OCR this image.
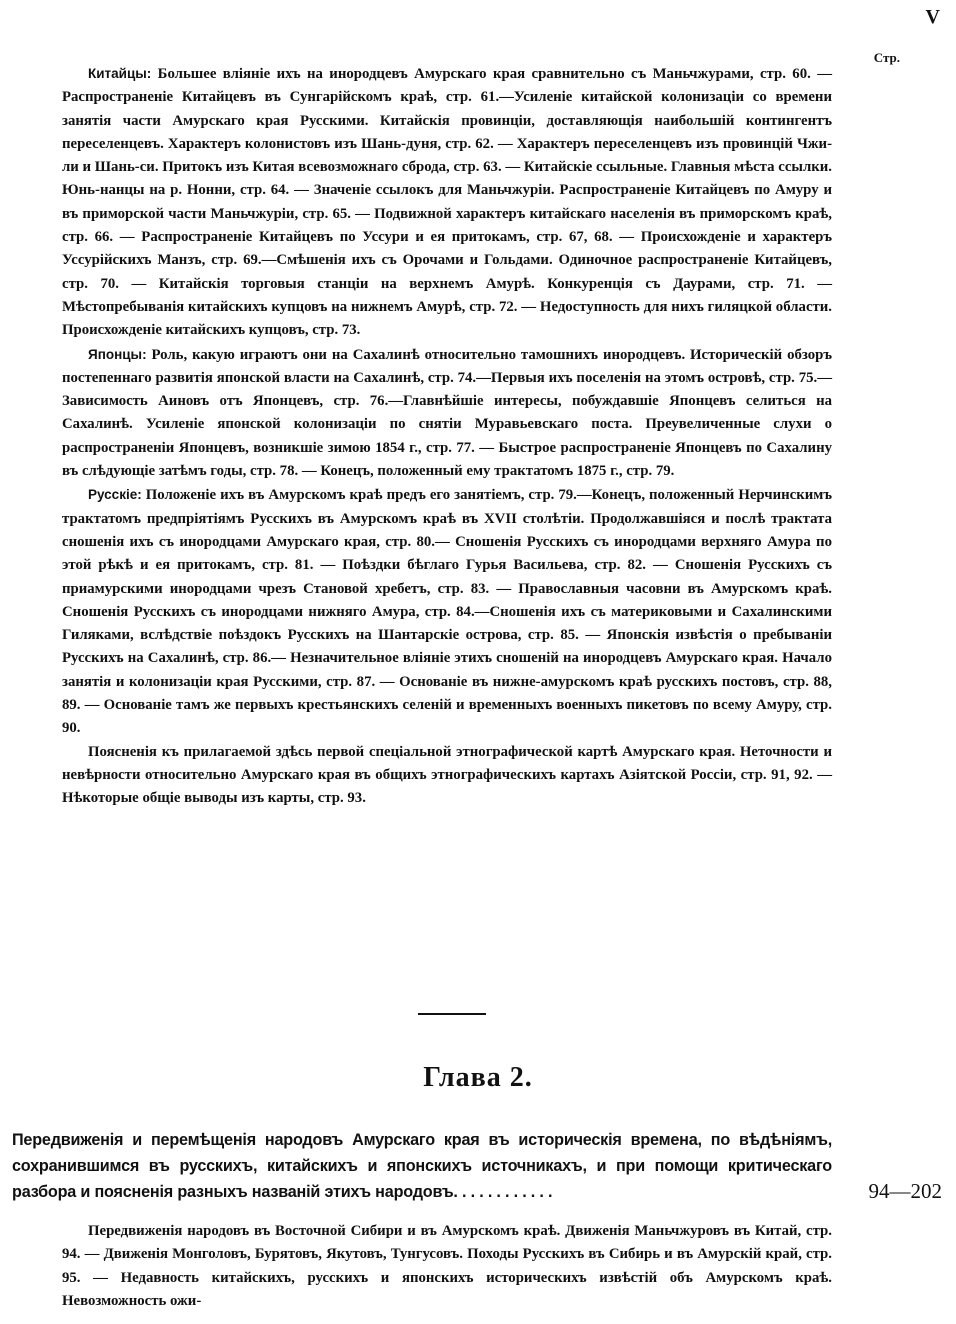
V
Стр.

Китайцы: Большее вліяніе ихъ на инородцевъ Амурскаго края сравнительно съ Маньчжурами, стр. 60. — Распространеніе Китайцевъ въ Сунгарійскомъ краѣ, стр. 61.—Усиленіе китайской колонизаціи со времени занятія части Амурскаго края Русскими. Китайскія провинціи, доставляющія наибольшій контингентъ переселенцевъ. Характеръ колонистовъ изъ Шань-дуня, стр. 62. — Характеръ переселенцевъ изъ провинцій Чжи-ли и Шань-си. Притокъ изъ Китая всевозможнаго сброда, стр. 63. — Китайскіе ссыльные. Главныя мѣста ссылки. Юнь-нанцы на р. Нонни, стр. 64. — Значеніе ссылокъ для Маньчжуріи. Распространеніе Китайцевъ по Амуру и въ приморской части Маньчжуріи, стр. 65. — Подвижной характеръ китайскаго населенія въ приморскомъ краѣ, стр. 66. — Распространеніе Китайцевъ по Уссури и ея притокамъ, стр. 67, 68. — Происхожденіе и характеръ Уссурійскихъ Манзъ, стр. 69.—Смѣшенія ихъ съ Орочами и Гольдами. Одиночное распространеніе Китайцевъ, стр. 70. — Китайскія торговыя станціи на верхнемъ Амурѣ. Конкуренція съ Даурами, стр. 71. — Мѣстопребыванія китайскихъ купцовъ на нижнемъ Амурѣ, стр. 72. — Недоступность для нихъ гиляцкой области. Происхожденіе китайскихъ купцовъ, стр. 73.

Японцы: Роль, какую играютъ они на Сахалинѣ относительно тамошнихъ инородцевъ. Историческій обзоръ постепеннаго развитія японской власти на Сахалинѣ, стр. 74.—Первыя ихъ поселенія на этомъ островѣ, стр. 75.—Зависимость Аиновъ отъ Японцевъ, стр. 76.—Главнѣйшіе интересы, побуждавшіе Японцевъ селиться на Сахалинѣ. Усиленіе японской колонизаціи по снятіи Муравьевскаго поста. Преувеличенные слухи о распространеніи Японцевъ, возникшіе зимою 1854 г., стр. 77. — Быстрое распространеніе Японцевъ по Сахалину въ слѣдующіе затѣмъ годы, стр. 78. — Конецъ, положенный ему трактатомъ 1875 г., стр. 79.

Русскіе: Положеніе ихъ въ Амурскомъ краѣ предъ его занятіемъ, стр. 79.—Конецъ, положенный Нерчинскимъ трактатомъ предпріятіямъ Русскихъ въ Амурскомъ краѣ въ XVII столѣтіи. Продолжавшіяся и послѣ трактата сношенія ихъ съ инородцами Амурскаго края, стр. 80.— Сношенія Русскихъ съ инородцами верхняго Амура по этой рѣкѣ и ея притокамъ, стр. 81. — Поѣздки бѣглаго Гурья Васильева, стр. 82. — Сношенія Русскихъ съ приамурскими инородцами чрезъ Становой хребетъ, стр. 83. — Православныя часовни въ Амурскомъ краѣ. Сношенія Русскихъ съ инородцами нижняго Амура, стр. 84.—Сношенія ихъ съ материковыми и Сахалинскими Гиляками, вслѣдствіе поѣздокъ Русскихъ на Шантарскіе острова, стр. 85. — Японскія извѣстія о пребываніи Русскихъ на Сахалинѣ, стр. 86.— Незначительное вліяніе этихъ сношеній на инородцевъ Амурскаго края. Начало занятія и колонизаціи края Русскими, стр. 87. — Основаніе въ нижне-амурскомъ краѣ русскихъ постовъ, стр. 88, 89. — Основаніе тамъ же первыхъ крестьянскихъ селеній и временныхъ военныхъ пикетовъ по всему Амуру, стр. 90.

Поясненія къ прилагаемой здѣсь первой спеціальной этнографической картѣ Амурскаго края. Неточности и невѣрности относительно Амурскаго края въ общихъ этнографическихъ картахъ Азіятской Россіи, стр. 91, 92. — Нѣкоторые общіе выводы изъ карты, стр. 93.

Глава 2.
Передвиженія и перемѣщенія народовъ Амурскаго края въ историческія времена, по вѣдѣніямъ, сохранившимся въ русскихъ, китайскихъ и японскихъ источникахъ, и при помощи критическаго разбора и поясненія разныхъ названій этихъ народовъ. . . . . . . . . . . .	94—202

Передвиженія народовъ въ Восточной Сибири и въ Амурскомъ краѣ. Движенія Маньчжуровъ въ Китай, стр. 94. — Движенія Монголовъ, Бурятовъ, Якутовъ, Тунгусовъ. Походы Русскихъ въ Сибирь и въ Амурскій край, стр. 95. — Недавность китайскихъ, русскихъ и японскихъ историческихъ извѣстій объ Амурскомъ краѣ. Невозможность ожи-
